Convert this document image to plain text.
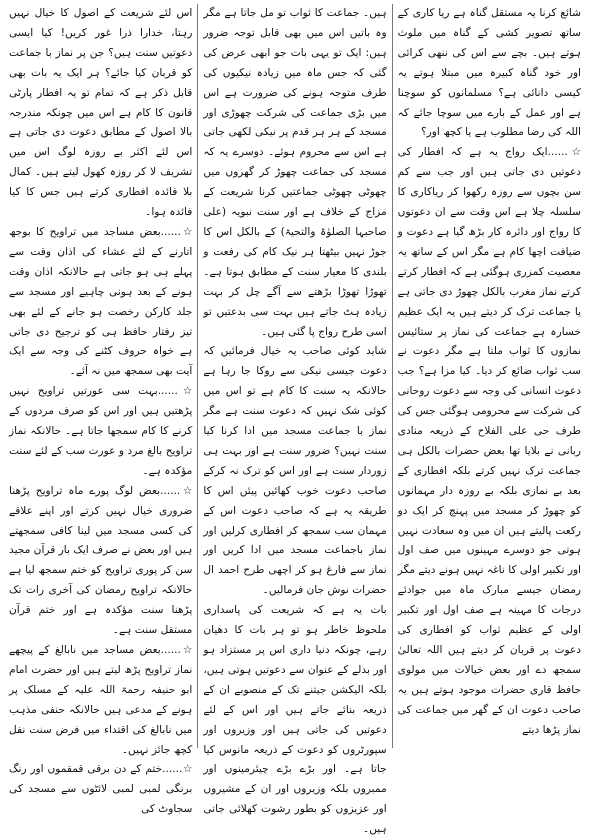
شائع کرنا یہ مستقل گناہ ہے ریا کاری کے ساتھ تصویر کشی کے گناہ میں ملوث ہوتے ہیں۔ بچے سے اس کی ننھی کرائی اور خود گناہ کبیرہ میں مبتلا ہوتے یہ کیسی دانائی ہے؟ مسلمانوں کو سوچنا ہے اور عمل کے بارے میں سوچا جائے کہ اللہ کی رضا مطلوب ہے یا کچھ اور؟

☆......ایک رواج یہ ہے کہ افطار کی دعوتیں دی جاتی ہیں اور جب سے کم سن بچوں سے روزہ رکھوا کر ریاکاری کا سلسلہ چلا ہے اس وقت سے ان دعوتوں کا رواج اور دائرہ کار بڑھ گیا ہے دعوت و ضیافت اچھا کام ہے مگر اس کے ساتھ یہ معصیت کمزری ہوگئی ہے کہ افطار کرتے کرتے نماز مغرب بالکل چھوڑ دی جاتی ہے یا جماعت ترک کر دیتے ہیں یہ ایک عظیم خسارہ ہے جماعت کی نماز پر ستائیس نمازوں کا ثواب ملتا ہے مگر دعوت نے سب ثواب ضائع کر دیا۔ کیا مزا ہے؟ جب دعوت انسانی کی وجہ سے دعوت روحانی کی شرکت سے محرومی ہوگئی جس کی طرف حی علی الفلاح کے ذریعہ منادی ربانی نے بلایا تھا بعض حضرات بالکل ہی جماعت ترک نہیں کرتے بلکہ افطاری کے بعد بے نمازی بلکہ بے روزہ دار مہمانوں کو چھوڑ کر مسجد میں پہنچ کر ایک دو رکعت پالیتے ہیں ان میں وہ سعادت نہیں ہوتی جو دوسرے مہینوں میں صف اول اور تکبیر اولی کا ناغہ نہیں ہونے دیتے مگر رمضان جیسے مبارک ماہ میں جوادئے درجات کا مہینہ ہے صف اول اور تکبیر اولی کے عظیم ثواب کو افطاری کی دعوت پر قربان کر دیتے ہیں اللہ تعالیٰ سمجھ دے اور بعض خیالات میں مولوی حافظ قاری حضرات موجود ہوتے ہیں یہ صاحب دعوت ان کے گھر میں جماعت کی نماز پڑھا دیتے

ہیں۔ جماعت کا ثواب تو مل جاتا ہے مگر وہ باتیں اس میں بھی قابل توجہ ضرور ہیں: ایک تو یہی بات جو ابھی عرض کی گئی کہ جس ماہ میں زیادہ نیکیوں کی طرف متوجہ ہونے کی ضرورت ہے اس میں بڑی جماعت کی شرکت چھوڑی اور مسجد کے ہر ہر قدم پر نیکی لکھی جاتی ہے اس سے محروم ہوئے۔ دوسرے یہ کہ مسجد کی جماعت چھوڑ کر گھروں میں چھوٹی چھوٹی جماعتیں کرنا شریعت کے مزاج کے خلاف ہے اور سنت نبویہ (علی صاحبہا الصلوٰۃ والتحیۃ) کے بالکل اس کا جوڑ نہیں بیٹھتا ہر نیک کام کی رفعت و بلندی کا معیار سنت کے مطابق ہوتا ہے۔ تھوڑا تھوڑا بڑھتے سے آگے چل کر بہت زیادہ ہٹ جاتے ہیں بہت سی بدعتیں تو اسی طرح رواج پا گئی ہیں۔

شاید کوئی صاحب یہ خیال فرمائیں کہ دعوت جیسی نیکی سے روکا جا رہا ہے حالانکہ یہ سنت کا کام ہے تو اس میں کوئی شک نہیں کہ دعوت سنت ہے مگر نماز با جماعت مسجد میں ادا کرنا کیا سنت نہیں؟ ضرور سنت ہے اور بہت ہی زوردار سنت ہے اور اس کو ترک نہ کرکے صاحب دعوت خوب کھائیں پیئں اس کا طریقہ یہ ہے کہ صاحب دعوت اس کے مہمان سب سمجھ کر افطاری کرلیں اور نماز باجماعت مسجد میں ادا کریں اور نماز سے فارغ ہو کر اچھی طرح احمد ال حضرات نوش جان فرمالیں۔

بات یہ ہے کہ شریعت کی پاسداری ملحوظ خاطر ہو تو ہر بات کا دھیان رہے، چونکہ دنیا داری اس پر مستزاد ہو اور بدلے کے عنوان سے دعوتیں ہوتی ہیں، بلکہ الیکشن جیتنے تک کے منصوبے ان کے ذریعہ بنائے جاتے ہیں اور اس کے لئے دعوتیں کی جاتی ہیں اور وزیروں اور سپورٹروں کو دعوت کے ذریعہ مانوس کیا جاتا ہے۔ اور بڑے بڑے چیئرمینوں اور ممبروں بلکہ وزیروں اور ان کے مشیروں اور عزیزوں کو بطور رشوت کھلائی جاتی ہیں۔

اس لئے شریعت کے اصول کا خیال نہیں رہتا، خدارا ذرا غور کریں! کیا ایسی دعوتیں سنت ہیں؟ جن پر نماز با جماعت کو قربان کیا جائے؟ ہر ایک یہ بات بھی قابل ذکر ہے کہ تمام تو یہ افطار پارٹی قانون کا کام ہے اس میں چونکہ مندرجہ بالا اصول کے مطابق دعوت دی جاتی ہے اس لئے اکثر بے روزہ لوگ اس میں تشریف لا کر روزہ کھول لیتے ہیں۔ کمال بلا فائدہ افطاری کرتے ہیں جس کا کیا فائدہ ہوا۔

☆......بعض مساجد میں تراویح کا بوجھ اتارنے کے لئے عشاء کی اذان وقت سے پہلے ہی ہو جاتی ہے حالانکہ اذان وقت ہونے کے بعد ہونی چاہیے اور مسجد سے جلد کارکن رخصت ہو جانے کے لئے بھی تیز رفتار حافظ ہی کو ترجیح دی جاتی ہے خواہ حروف کٹنے کی وجہ سے ایک آیت بھی سمجھ میں نہ آئے۔

☆......بہت سی عورتیں تراویح نہیں پڑھتیں ہیں اور اس کو صرف مردوں کے کرنے کا کام سمجھا جاتا ہے۔ حالانکہ نماز تراویح بالغ مرد و عورت سب کے لئے سنت مؤکدہ ہے۔

☆......بعض لوگ پورے ماہ تراویح پڑھنا ضروری خیال نہیں کرتے اور اپنے علاقے کی کسی مسجد میں لینا کافی سمجھتے ہیں اور بعض نے صرف ایک بار قرآن مجید سن کر پوری تراویح کو ختم سمجھ لیا ہے حالانکہ تراویح رمضان کی آخری رات تک پڑھنا سنت مؤکدہ ہے اور ختم قرآن مستقل سنت ہے۔

☆......بعض مساجد میں نابالغ کے پیچھے نماز تراویح پڑھ لیتے ہیں اور حضرت امام ابو حنیفہ رحمۃ اللہ علیہ کے مسلک پر ہونے کے مدعی ہیں حالانکہ حنفی مذہب میں نابالغ کی اقتداء میں فرض سنت نفل کچھ جائز نہیں۔

☆......ختم کے دن برقی قمقموں اور رنگ برنگی لمبی لمبی لائٹوں سے مسجد کی سجاوٹ کی
